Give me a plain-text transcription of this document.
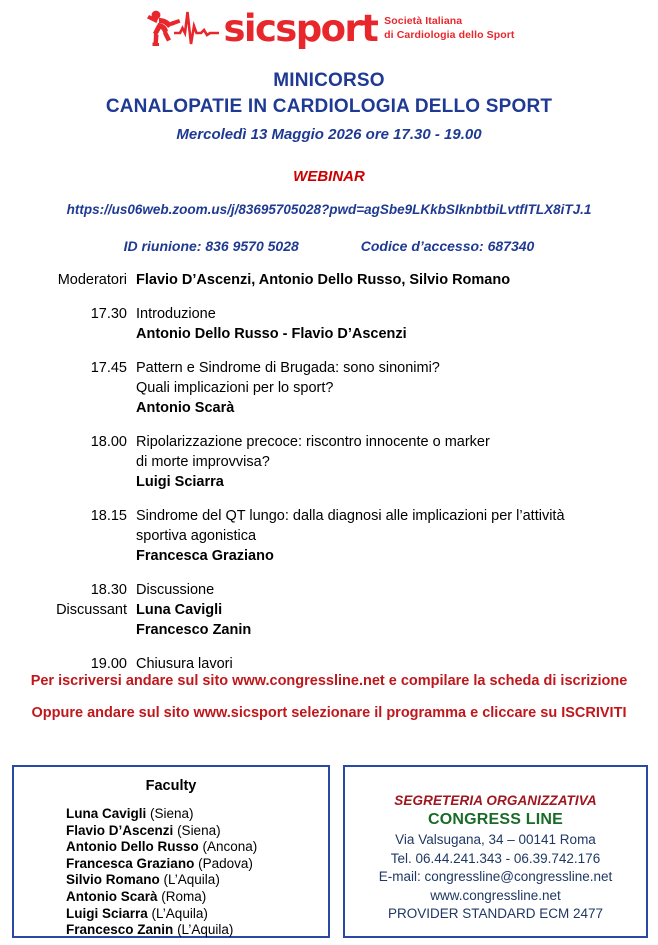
sicsport Società Italiana
di Cardiologia dello Sport
MINICORSO
CANALOPATIE IN CARDIOLOGIA DELLO SPORT
Mercoledì 13 Maggio 2026 ore 17.30 - 19.00
WEBINAR
https://us06web.zoom.us/j/83695705028?pwd=agSbe9LKkbSIknbtbiLvtfITLX8iTJ.1
ID riunione: 836 9570 5028	Codice d’accesso: 687340
Moderatori Flavio D’Ascenzi, Antonio Dello Russo, Silvio Romano
17.30 Introduzione
Antonio Dello Russo - Flavio D’Ascenzi
17.45 Pattern e Sindrome di Brugada: sono sinonimi?
Quali implicazioni per lo sport?
Antonio Scarà
18.00 Ripolarizzazione precoce: riscontro innocente o marker
di morte improvvisa?
Luigi Sciarra
18.15 Sindrome del QT lungo: dalla diagnosi alle implicazioni per l’attività
sportiva agonistica
Francesca Graziano
18.30
Discussant
Discussione
Luna Cavigli
Francesco Zanin
19.00 Chiusura lavori
Per iscriversi andare sul sito www.congressline.net e compilare la scheda di iscrizione
Oppure andare sul sito www.sicsport selezionare il programma e cliccare su ISCRIVITI
Faculty
Luna Cavigli (Siena)
Flavio D’Ascenzi (Siena)
Antonio Dello Russo (Ancona)
Francesca Graziano (Padova)
Silvio Romano (L’Aquila)
Antonio Scarà (Roma)
Luigi Sciarra (L’Aquila)
Francesco Zanin (L’Aquila)
SEGRETERIA ORGANIZZATIVA
CONGRESS LINE
Via Valsugana, 34 – 00141 Roma
Tel. 06.44.241.343 - 06.39.742.176
E-mail: congressline@congressline.net
www.congressline.net
PROVIDER STANDARD ECM 2477
